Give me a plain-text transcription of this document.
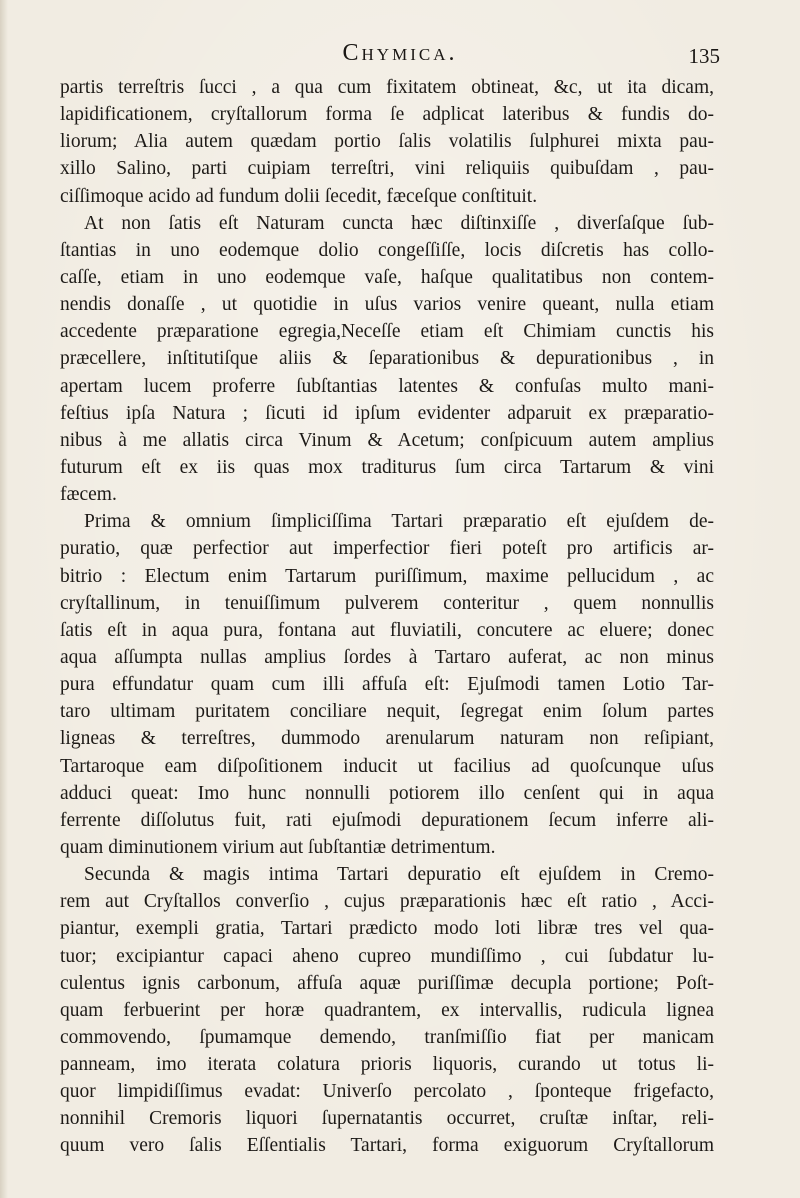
Chymica.	135
partis terreſtris ſucci , a qua cum fixitatem obtineat, &c, ut ita dicam,
lapidificationem, cryſtallorum forma ſe adplicat lateribus & fundis do-
liorum; Alia autem quædam portio ſalis volatilis ſulphurei mixta pau-
xillo Salino, parti cuipiam terreſtri, vini reliquiis quibuſdam , pau-
ciſſimoque acido ad fundum dolii ſecedit, fæceſque conſtituit.
At non ſatis eſt Naturam cuncta hæc diſtinxiſſe , diverſaſque ſub-
ſtantias in uno eodemque dolio congeſſiſſe, locis diſcretis has collo-
caſſe, etiam in uno eodemque vaſe, haſque qualitatibus non contem-
nendis donaſſe , ut quotidie in uſus varios venire queant, nulla etiam
accedente præparatione egregia,Neceſſe etiam eſt Chimiam cunctis his
præcellere, inſtitutiſque aliis & ſeparationibus & depurationibus , in
apertam lucem proferre ſubſtantias latentes & confuſas multo mani-
feſtius ipſa Natura ; ſicuti id ipſum evidenter adparuit ex præparatio-
nibus à me allatis circa Vinum & Acetum; conſpicuum autem amplius
futurum eſt ex iis quas mox traditurus ſum circa Tartarum & vini
fæcem.
Prima & omnium ſimpliciſſima Tartari præparatio eſt ejuſdem de-
puratio, quæ perfectior aut imperfectior fieri poteſt pro artificis ar-
bitrio : Electum enim Tartarum puriſſimum, maxime pellucidum , ac
cryſtallinum, in tenuiſſimum pulverem conteritur , quem nonnullis
ſatis eſt in aqua pura, fontana aut fluviatili, concutere ac eluere; donec
aqua aſſumpta nullas amplius ſordes à Tartaro auferat, ac non minus
pura effundatur quam cum illi affuſa eſt: Ejuſmodi tamen Lotio Tar-
taro ultimam puritatem conciliare nequit, ſegregat enim ſolum partes
ligneas & terreſtres, dummodo arenularum naturam non reſipiant,
Tartaroque eam diſpoſitionem inducit ut facilius ad quoſcunque uſus
adduci queat: Imo hunc nonnulli potiorem illo cenſent qui in aqua
ferrente diſſolutus fuit, rati ejuſmodi depurationem ſecum inferre ali-
quam diminutionem virium aut ſubſtantiæ detrimentum.
Secunda & magis intima Tartari depuratio eſt ejuſdem in Cremo-
rem aut Cryſtallos converſio , cujus præparationis hæc eſt ratio , Acci-
piantur, exempli gratia, Tartari prædicto modo loti libræ tres vel qua-
tuor; excipiantur capaci aheno cupreo mundiſſimo , cui ſubdatur lu-
culentus ignis carbonum, affuſa aquæ puriſſimæ decupla portione; Poſt-
quam ferbuerint per horæ quadrantem, ex intervallis, rudicula lignea
commovendo, ſpumamque demendo, tranſmiſſio fiat per manicam
panneam, imo iterata colatura prioris liquoris, curando ut totus li-
quor limpidiſſimus evadat: Univerſo percolato , ſponteque frigefacto,
nonnihil Cremoris liquori ſupernatantis occurret, cruſtæ inſtar, reli-
quum vero ſalis Eſſentialis Tartari, forma exiguorum Cryſtallorum
